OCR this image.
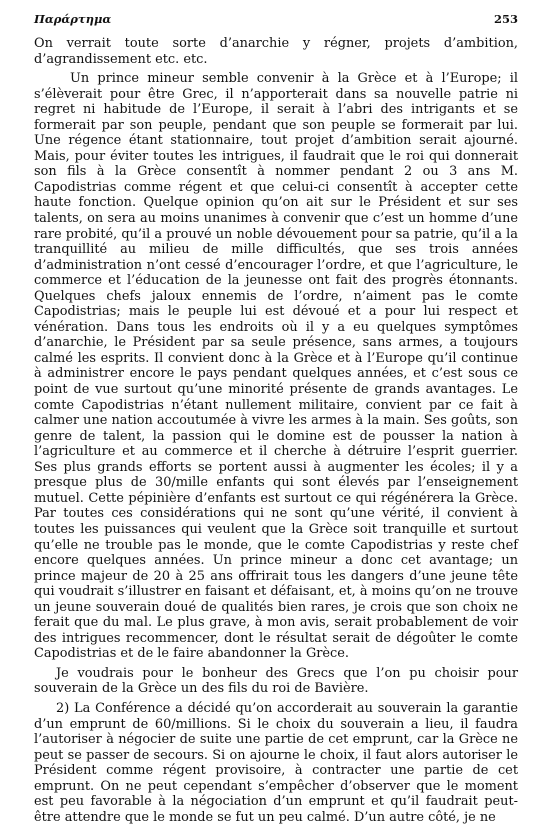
Παράρτημα	253

On verrait toute sorte d’anarchie y régner, projets d’ambition, d’agrandissement etc. etc.

Un prince mineur semble convenir à la Grèce et à l’Europe; il s’élèverait pour être Grec, il n’apporterait dans sa nouvelle patrie ni regret ni habitude de l’Europe, il serait à l’abri des intrigants et se formerait par son peuple, pendant que son peuple se formerait par lui. Une régence étant stationnaire, tout projet d’ambition serait ajourné. Mais, pour éviter toutes les intrigues, il faudrait que le roi qui donnerait son fils à la Grèce consentît à nommer pendant 2 ou 3 ans M. Capodistrias comme régent et que celui-ci consentît à accepter cette haute fonction. Quelque opinion qu’on ait sur le Président et sur ses talents, on sera au moins unanimes à convenir que c’est un homme d’une rare probité, qu’il a prouvé un noble dévouement pour sa patrie, qu’il a la tranquillité au milieu de mille difficultés, que ses trois années d’administration n’ont cessé d’encourager l’ordre, et que l’agriculture, le commerce et l’éducation de la jeunesse ont fait des progrès étonnants. Quelques chefs jaloux ennemis de l’ordre, n’aiment pas le comte Capodistrias; mais le peuple lui est dévoué et a pour lui respect et vénération. Dans tous les endroits où il y a eu quelques symptômes d’anarchie, le Président par sa seule présence, sans armes, a toujours calmé les esprits. Il convient donc à la Grèce et à l’Europe qu’il continue à administrer encore le pays pendant quelques années, et c’est sous ce point de vue surtout qu’une minorité présente de grands avantages. Le comte Capodistrias n’étant nullement militaire, convient par ce fait à calmer une nation accoutumée à vivre les armes à la main. Ses goûts, son genre de talent, la passion qui le domine est de pousser la nation à l’agriculture et au commerce et il cherche à détruire l’esprit guerrier. Ses plus grands efforts se portent aussi à augmenter les écoles; il y a presque plus de 30/mille enfants qui sont élevés par l’enseignement mutuel. Cette pépinière d’enfants est surtout ce qui régénérera la Grèce. Par toutes ces considérations qui ne sont qu’une vérité, il convient à toutes les puissances qui veulent que la Grèce soit tranquille et surtout qu’elle ne trouble pas le monde, que le comte Capodistrias y reste chef encore quelques années. Un prince mineur a donc cet avantage; un prince majeur de 20 à 25 ans offrirait tous les dangers d’une jeune tête qui voudrait s’illustrer en faisant et défaisant, et, à moins qu’on ne trouve un jeune souverain doué de qualités bien rares, je crois que son choix ne ferait que du mal. Le plus grave, à mon avis, serait probablement de voir des intrigues recommencer, dont le résultat serait de dégoûter le comte Capodistrias et de le faire abandonner la Grèce.

Je voudrais pour le bonheur des Grecs que l’on pu choisir pour souverain de la Grèce un des fils du roi de Bavière.

2) La Conférence a décidé qu’on accorderait au souverain la garantie d’un emprunt de 60/millions. Si le choix du souverain a lieu, il faudra l’autoriser à négocier de suite une partie de cet emprunt, car la Grèce ne peut se passer de secours. Si on ajourne le choix, il faut alors autoriser le Président comme régent provisoire, à contracter une partie de cet emprunt. On ne peut cependant s’empêcher d’observer que le moment est peu favorable à la négociation d’un emprunt et qu’il faudrait peut-être attendre que le monde se fut un peu calmé. D’un autre côté, je ne
